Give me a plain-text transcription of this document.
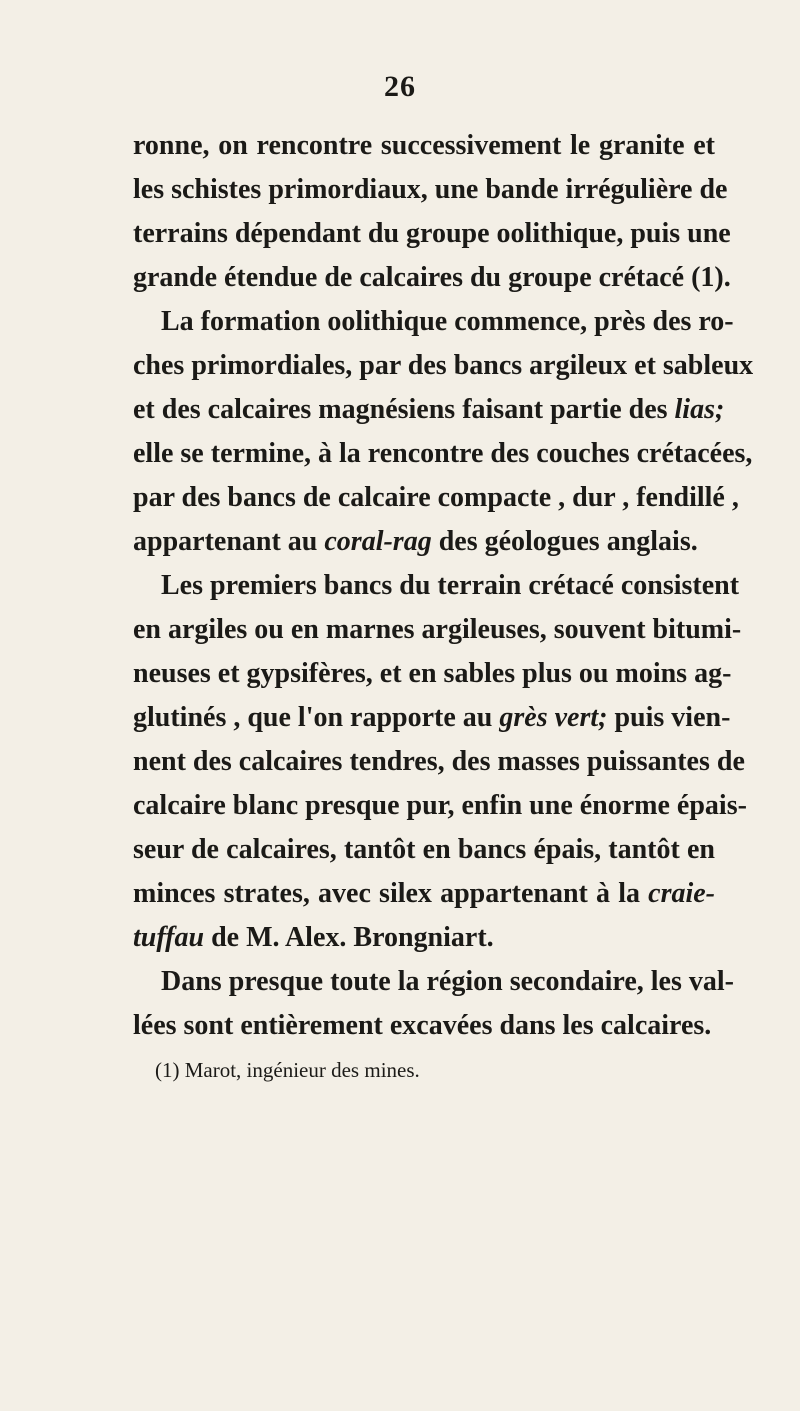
26
ronne, on rencontre successivement le granite et
les schistes primordiaux, une bande irrégulière de
terrains dépendant du groupe oolithique, puis une
grande étendue de calcaires du groupe crétacé (1).
La formation oolithique commence, près des ro-
ches primordiales, par des bancs argileux et sableux
et des calcaires magnésiens faisant partie des lias;
elle se termine, à la rencontre des couches crétacées,
par des bancs de calcaire compacte , dur , fendillé ,
appartenant au coral-rag des géologues anglais.
Les premiers bancs du terrain crétacé consistent
en argiles ou en marnes argileuses, souvent bitumi-
neuses et gypsifères, et en sables plus ou moins ag-
glutinés , que l'on rapporte au grès vert; puis vien-
nent des calcaires tendres, des masses puissantes de
calcaire blanc presque pur, enfin une énorme épais-
seur de calcaires, tantôt en bancs épais, tantôt en
minces strates, avec silex appartenant à la craie-
tuffau de M. Alex. Brongniart.
Dans presque toute la région secondaire, les val-
lées sont entièrement excavées dans les calcaires.
(1) Marot, ingénieur des mines.
